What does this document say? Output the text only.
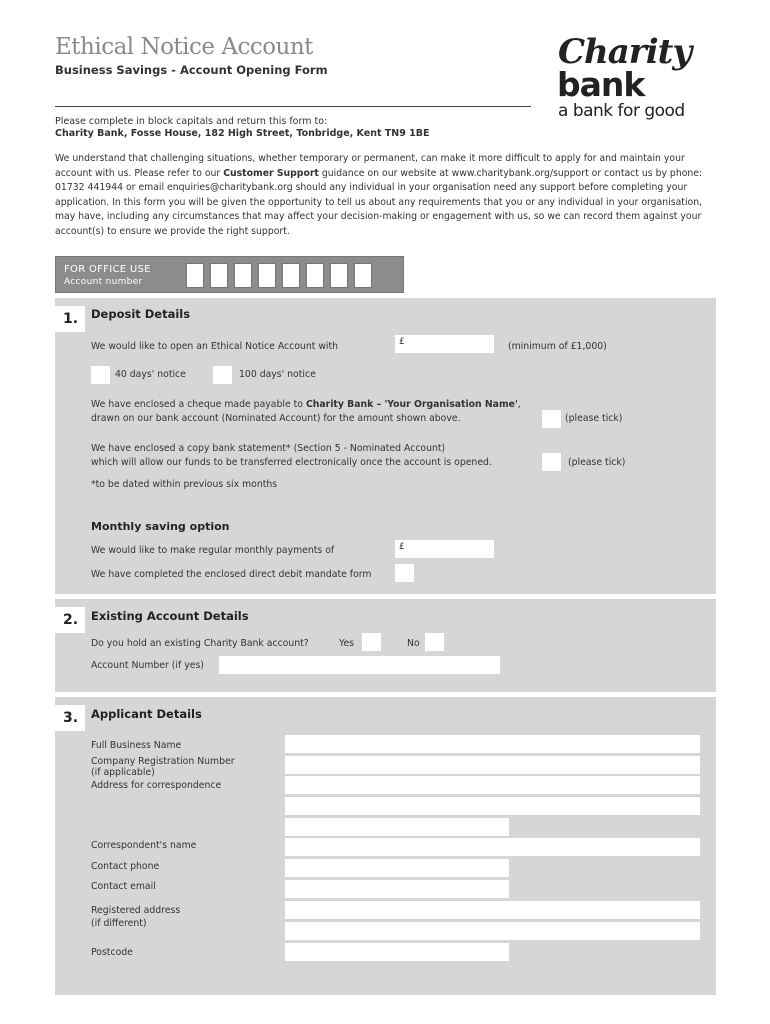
Ethical Notice Account
Business Savings - Account Opening Form
Please complete in block capitals and return this form to:
Charity Bank, Fosse House, 182 High Street, Tonbridge, Kent TN9 1BE
Charity
bank
a bank for good
We understand that challenging situations, whether temporary or permanent, can make it more difficult to apply for and maintain your account with us. Please refer to our Customer Support guidance on our website at www.charitybank.org/support or contact us by phone: 01732 441944 or email enquiries@charitybank.org should any individual in your organisation need any support before completing your application. In this form you will be given the opportunity to tell us about any requirements that you or any individual in your organisation, may have, including any circumstances that may affect your decision-making or engagement with us, so we can record them against your account(s) to ensure we provide the right support.
FOR OFFICE USE
Account number
1.	Deposit Details
We would like to open an Ethical Notice Account with	£	(minimum of £1,000)
40 days' notice	100 days' notice
We have enclosed a cheque made payable to Charity Bank – 'Your Organisation Name',
drawn on our bank account (Nominated Account) for the amount shown above.	(please tick)
We have enclosed a copy bank statement* (Section 5 - Nominated Account)
which will allow our funds to be transferred electronically once the account is opened.	(please tick)
*to be dated within previous six months
Monthly saving option
We would like to make regular monthly payments of	£
We have completed the enclosed direct debit mandate form
2.	Existing Account Details
Do you hold an existing Charity Bank account?	Yes	No
Account Number (if yes)
3.	Applicant Details
Full Business Name
Company Registration Number
(if applicable)
Address for correspondence
Correspondent's name
Contact phone
Contact email
Registered address
(if different)
Postcode
